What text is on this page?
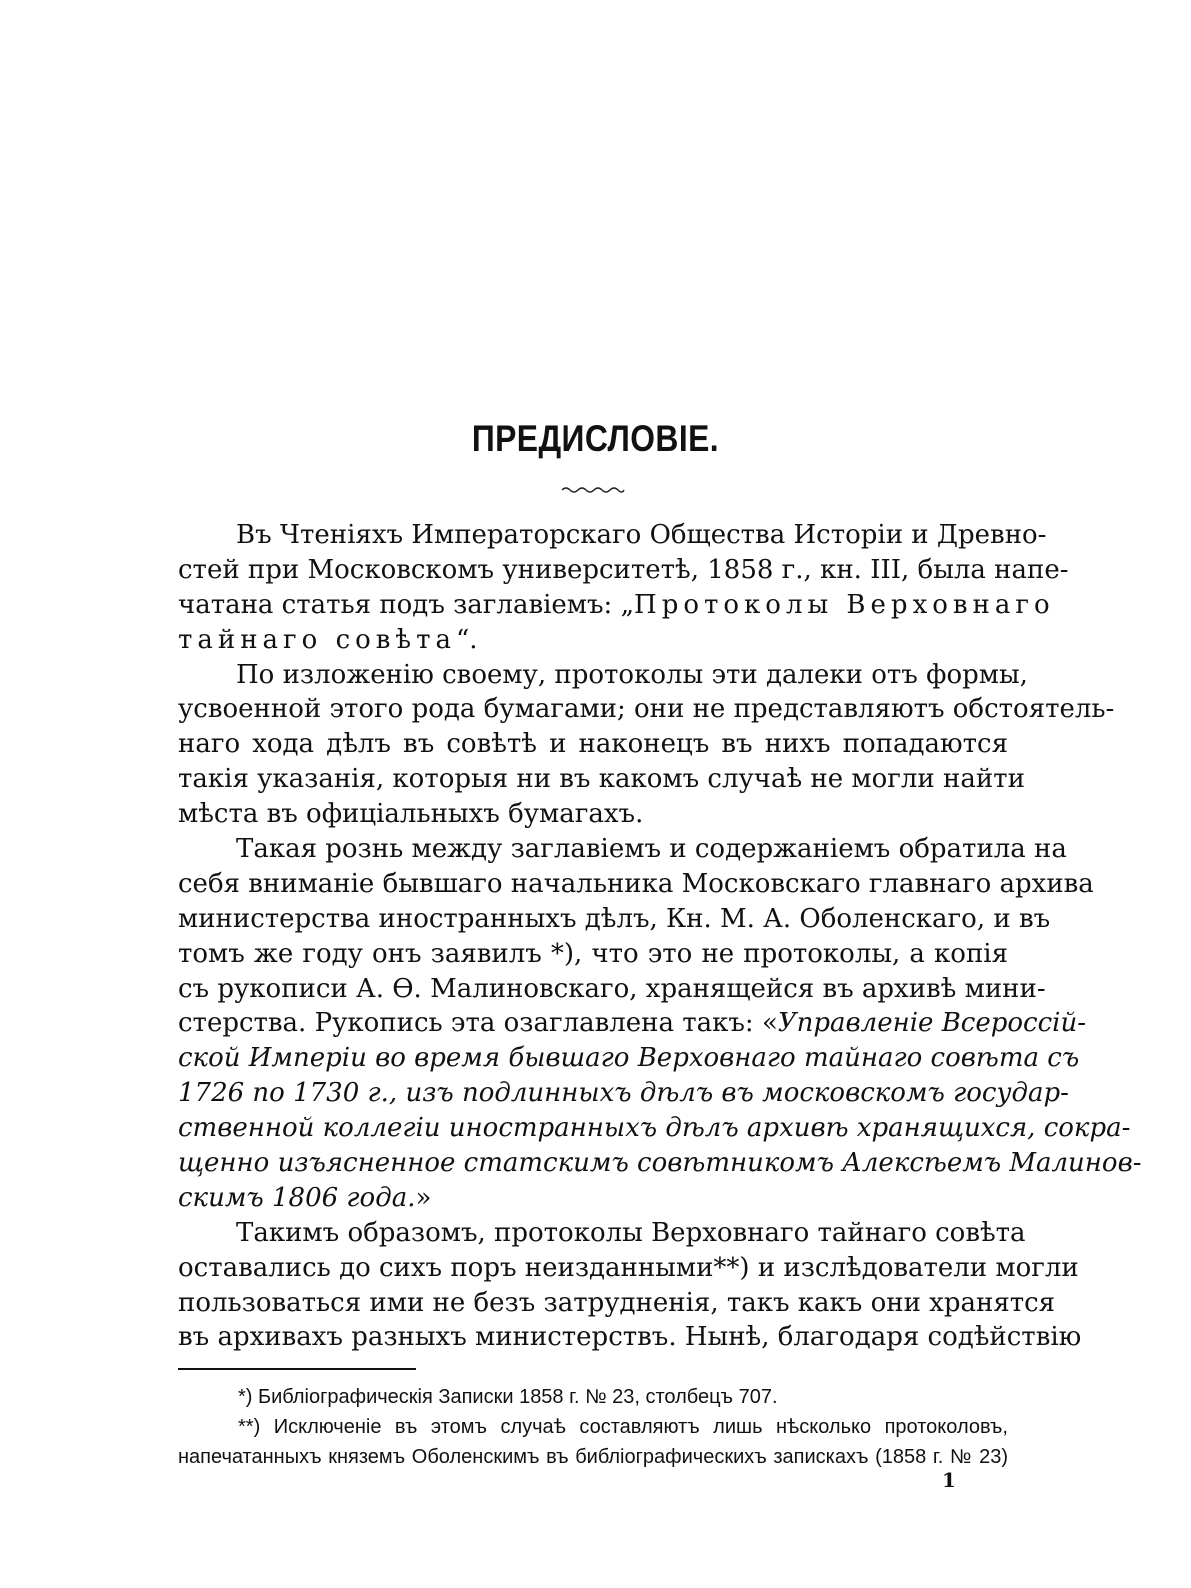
ПРЕДИСЛОВІЕ.
Въ Чтеніяхъ Императорскаго Общества Исторіи и Древно-
стей при Московскомъ университетѣ, 1858 г., кн. III, была напе-
чатана статья подъ заглавіемъ: „Протоколы Верховнаго
тайнаго совѣта“.
По изложенію своему, протоколы эти далеки отъ формы,
усвоенной этого рода бумагами; они не представляютъ обстоятель-
наго хода дѣлъ въ совѣтѣ и наконецъ въ нихъ попадаются
такія указанія, которыя ни въ какомъ случаѣ не могли найти
мѣста въ офиціальныхъ бумагахъ.
Такая рознь между заглавіемъ и содержаніемъ обратила на
себя вниманіе бывшаго начальника Московскаго главнаго архива
министерства иностранныхъ дѣлъ, Кн. М. А. Оболенскаго, и въ
томъ же году онъ заявилъ *), что это не протоколы, а копія
съ рукописи А. Ѳ. Малиновскаго, хранящейся въ архивѣ мини-
стерства. Рукопись эта озаглавлена такъ: «Управленіе Всероссій-
ской Имперіи во время бывшаго Верховнаго тайнаго совѣта съ
1726 по 1730 г., изъ подлинныхъ дѣлъ въ московскомъ государ-
ственной коллегіи иностранныхъ дѣлъ архивѣ хранящихся, сокра-
щенно изъясненное статскимъ совѣтникомъ Алексѣемъ Малинов-
скимъ 1806 года.»
Такимъ образомъ, протоколы Верховнаго тайнаго совѣта
оставались до сихъ поръ неизданными**) и изслѣдователи могли
пользоваться ими не безъ затрудненія, такъ какъ они хранятся
въ архивахъ разныхъ министерствъ. Нынѣ, благодаря содѣйствію
*) Библіографическія Записки 1858 г. № 23, столбецъ 707.
**) Исключеніе въ этомъ случаѣ составляютъ лишь нѣсколько протоколовъ,
напечатанныхъ княземъ Оболенскимъ въ библіографическихъ запискахъ (1858 г. № 23)
1
